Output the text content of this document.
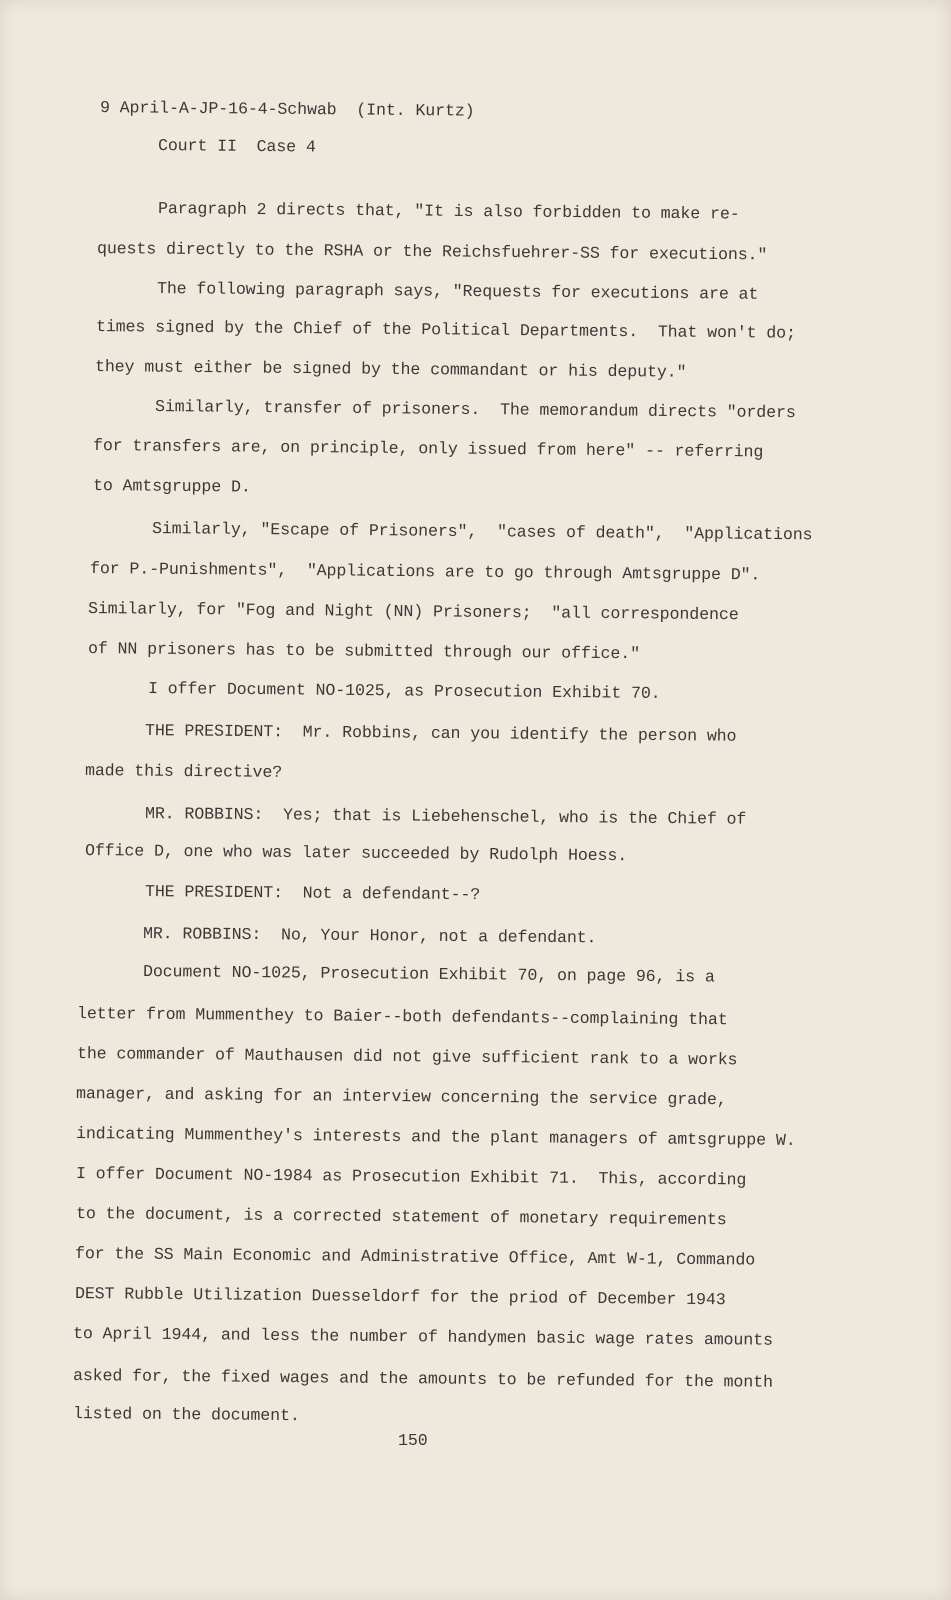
9 April-A-JP-16-4-Schwab  (Int. Kurtz)
Court II  Case 4
Paragraph 2 directs that, "It is also forbidden to make re-
quests directly to the RSHA or the Reichsfuehrer-SS for executions."
The following paragraph says, "Requests for executions are at
times signed by the Chief of the Political Departments.  That won't do;
they must either be signed by the commandant or his deputy."
Similarly, transfer of prisoners.  The memorandum directs "orders
for transfers are, on principle, only issued from here" -- referring
to Amtsgruppe D.
Similarly, "Escape of Prisoners",  "cases of death",  "Applications
for P.-Punishments",  "Applications are to go through Amtsgruppe D".
Similarly, for "Fog and Night (NN) Prisoners;  "all correspondence
of NN prisoners has to be submitted through our office."
I offer Document NO-1025, as Prosecution Exhibit 70.
THE PRESIDENT:  Mr. Robbins, can you identify the person who
made this directive?
MR. ROBBINS:  Yes; that is Liebehenschel, who is the Chief of
Office D, one who was later succeeded by Rudolph Hoess.
THE PRESIDENT:  Not a defendant--?
MR. ROBBINS:  No, Your Honor, not a defendant.
Document NO-1025, Prosecution Exhibit 70, on page 96, is a
letter from Mummenthey to Baier--both defendants--complaining that
the commander of Mauthausen did not give sufficient rank to a works
manager, and asking for an interview concerning the service grade,
indicating Mummenthey's interests and the plant managers of amtsgruppe W.
I offer Document NO-1984 as Prosecution Exhibit 71.  This, according
to the document, is a corrected statement of monetary requirements
for the SS Main Economic and Administrative Office, Amt W-1, Commando
DEST Rubble Utilization Duesseldorf for the priod of December 1943
to April 1944, and less the number of handymen basic wage rates amounts
asked for, the fixed wages and the amounts to be refunded for the month
listed on the document.
150
